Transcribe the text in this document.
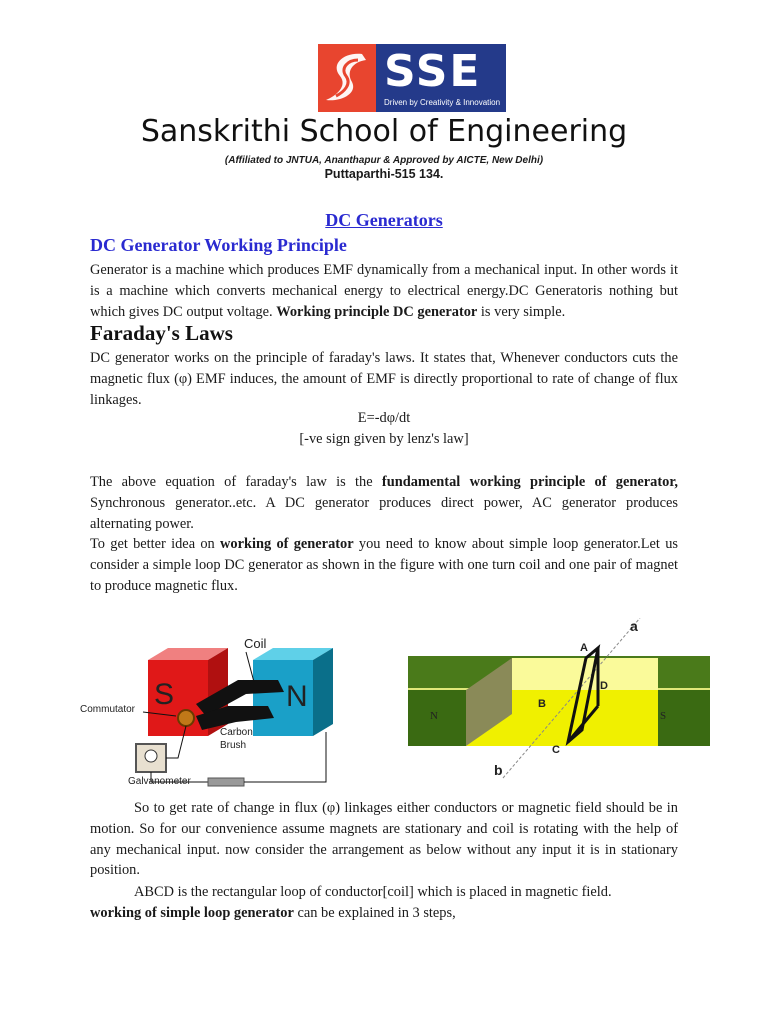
SSE
Driven by Creativity & Innovation
Sanskrithi School of Engineering
(Affiliated to JNTUA, Ananthapur & Approved by AICTE, New Delhi)
Puttaparthi-515 134.
DC Generators
DC Generator Working Principle
Generator is a machine which produces EMF dynamically from a mechanical input. In other words it is a machine which converts mechanical energy to electrical energy.DC Generatoris nothing but which gives DC output voltage. Working principle DC generator is very simple.
Faraday's Laws
DC generator works on the principle of faraday's laws. It states that, Whenever conductors cuts the magnetic flux (φ) EMF induces, the amount of EMF is directly proportional to rate of change of flux linkages.
E=-dφ/dt
[-ve sign given by lenz's law]
The above equation of faraday's law is the fundamental working principle of generator, Synchronous generator..etc. A DC generator produces direct power, AC generator produces alternating power.
To get better idea on working of generator you need to know about simple loop generator.Let us consider a simple loop DC generator as shown in the figure with one turn coil and one pair of magnet to produce magnetic flux.
Coil
S	N
Commutator
Carbon
Brush
Galvanometer
a
b
A
B
C
D
N	S
So to get rate of change in flux (φ) linkages either conductors or magnetic field should be in motion. So for our convenience assume magnets are stationary and coil is rotating with the help of any mechanical input. now consider the arrangement as below without any input it is in stationary position.
ABCD is the rectangular loop of conductor[coil] which is placed in magnetic field.
working of simple loop generator can be explained in 3 steps,
